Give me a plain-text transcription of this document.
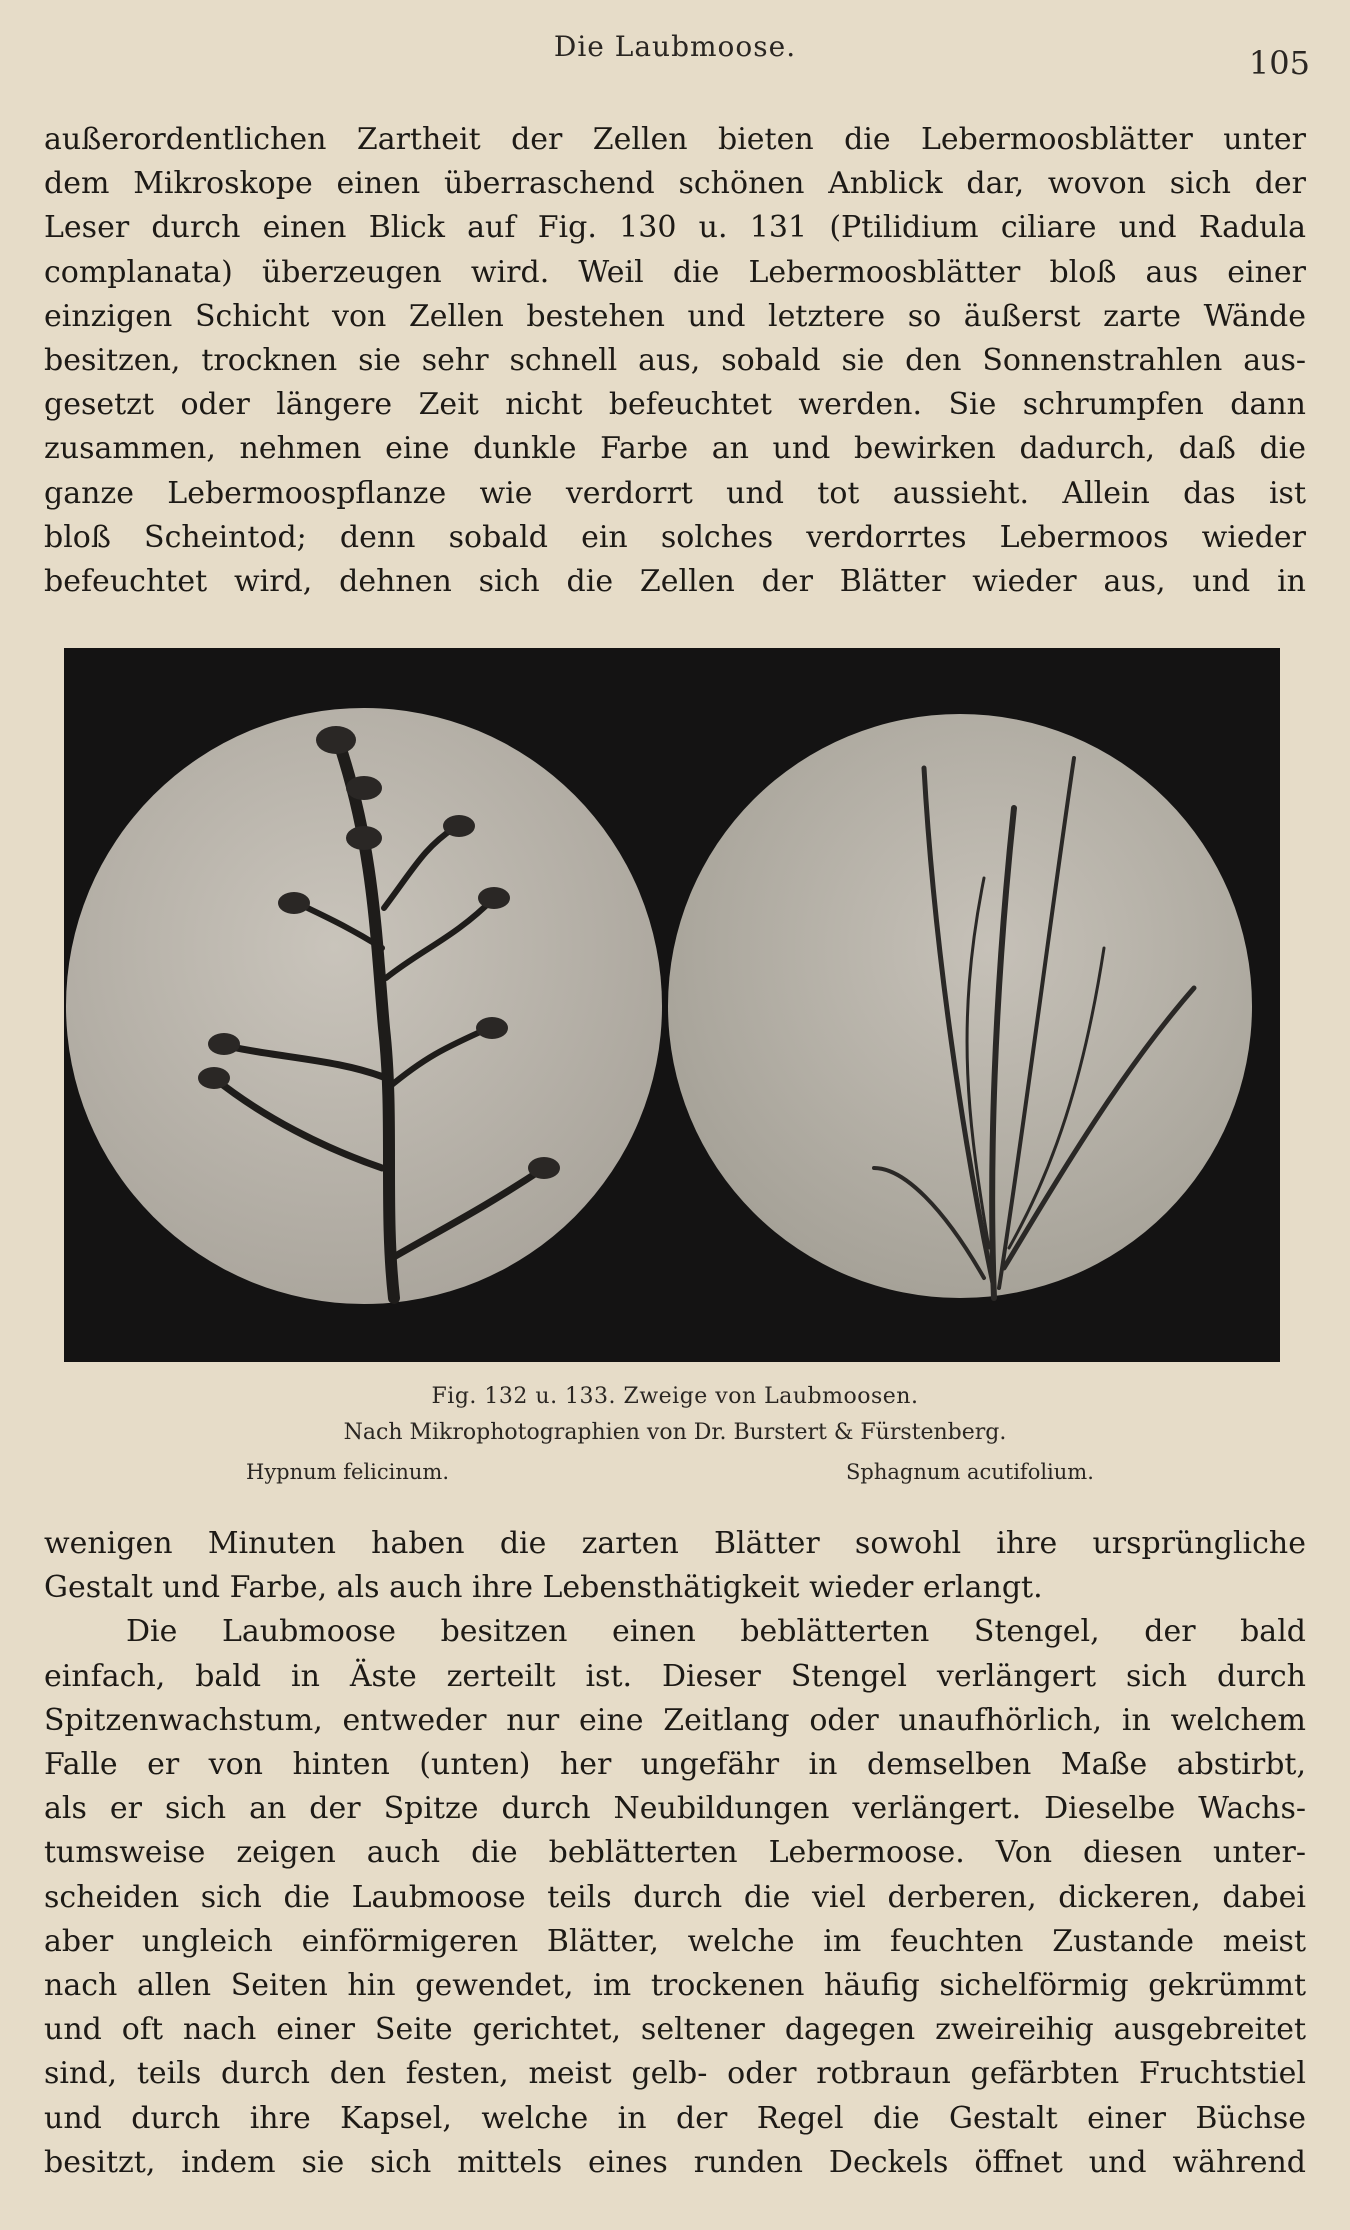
Die Laubmoose.	105
außerordentlichen Zartheit der Zellen bieten die Lebermoosblätter unter
dem Mikroskope einen überraschend schönen Anblick dar, wovon sich der
Leser durch einen Blick auf Fig. 130 u. 131 (Ptilidium ciliare und Radula
complanata) überzeugen wird. Weil die Lebermoosblätter bloß aus einer
einzigen Schicht von Zellen bestehen und letztere so äußerst zarte Wände
besitzen, trocknen sie sehr schnell aus, sobald sie den Sonnenstrahlen aus-
gesetzt oder längere Zeit nicht befeuchtet werden. Sie schrumpfen dann
zusammen, nehmen eine dunkle Farbe an und bewirken dadurch, daß die
ganze Lebermoospflanze wie verdorrt und tot aussieht. Allein das ist
bloß Scheintod; denn sobald ein solches verdorrtes Lebermoos wieder
befeuchtet wird, dehnen sich die Zellen der Blätter wieder aus, und in
Fig. 132 u. 133. Zweige von Laubmoosen.
Nach Mikrophotographien von Dr. Burstert & Fürstenberg.
Hypnum felicinum.	Sphagnum acutifolium.
wenigen Minuten haben die zarten Blätter sowohl ihre ursprüngliche
Gestalt und Farbe, als auch ihre Lebensthätigkeit wieder erlangt.
Die Laubmoose besitzen einen beblätterten Stengel, der bald
einfach, bald in Äste zerteilt ist. Dieser Stengel verlängert sich durch
Spitzenwachstum, entweder nur eine Zeitlang oder unaufhörlich, in welchem
Falle er von hinten (unten) her ungefähr in demselben Maße abstirbt,
als er sich an der Spitze durch Neubildungen verlängert. Dieselbe Wachs-
tumsweise zeigen auch die beblätterten Lebermoose. Von diesen unter-
scheiden sich die Laubmoose teils durch die viel derberen, dickeren, dabei
aber ungleich einförmigeren Blätter, welche im feuchten Zustande meist
nach allen Seiten hin gewendet, im trockenen häufig sichelförmig gekrümmt
und oft nach einer Seite gerichtet, seltener dagegen zweireihig ausgebreitet
sind, teils durch den festen, meist gelb- oder rotbraun gefärbten Fruchtstiel
und durch ihre Kapsel, welche in der Regel die Gestalt einer Büchse
besitzt, indem sie sich mittels eines runden Deckels öffnet und während
